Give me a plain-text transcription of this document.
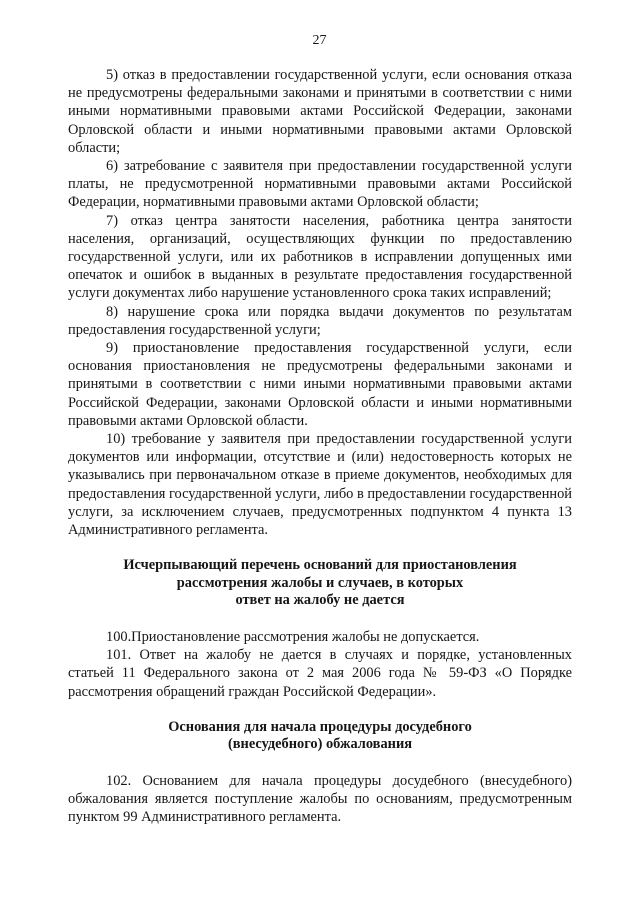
27

5) отказ в предоставлении государственной услуги, если основания отказа не предусмотрены федеральными законами и принятыми в соответствии с ними иными нормативными правовыми актами Российской Федерации, законами Орловской области и иными нормативными правовыми актами Орловской области;

6) затребование с заявителя при предоставлении государственной услуги платы, не предусмотренной нормативными правовыми актами Российской Федерации, нормативными правовыми актами Орловской области;

7) отказ центра занятости населения, работника центра занятости населения, организаций, осуществляющих функции по предоставлению государственной услуги, или их работников в исправлении допущенных ими опечаток и ошибок в выданных в результате предоставления государственной услуги документах либо нарушение установленного срока таких исправлений;

8) нарушение срока или порядка выдачи документов по результатам предоставления государственной услуги;

9) приостановление предоставления государственной услуги, если основания приостановления не предусмотрены федеральными законами и принятыми в соответствии с ними иными нормативными правовыми актами Российской Федерации, законами Орловской области и иными нормативными правовыми актами Орловской области.

10) требование у заявителя при предоставлении государственной услуги документов или информации, отсутствие и (или) недостоверность которых не указывались при первоначальном отказе в приеме документов, необходимых для предоставления государственной услуги, либо в предоставлении государственной услуги, за исключением случаев, предусмотренных подпунктом 4 пункта 13 Административного регламента.

Исчерпывающий перечень оснований для приостановления

рассмотрения жалобы и случаев, в которых

ответ на жалобу не дается

100.Приостановление рассмотрения жалобы не допускается.

101. Ответ на жалобу не дается в случаях и порядке, установленных статьей 11 Федерального закона от 2 мая 2006 года № 59-ФЗ «О Порядке рассмотрения обращений граждан Российской Федерации».

Основания для начала процедуры досудебного

(внесудебного) обжалования

102. Основанием для начала процедуры досудебного (внесудебного) обжалования является поступление жалобы по основаниям, предусмотренным пунктом 99 Административного регламента.
